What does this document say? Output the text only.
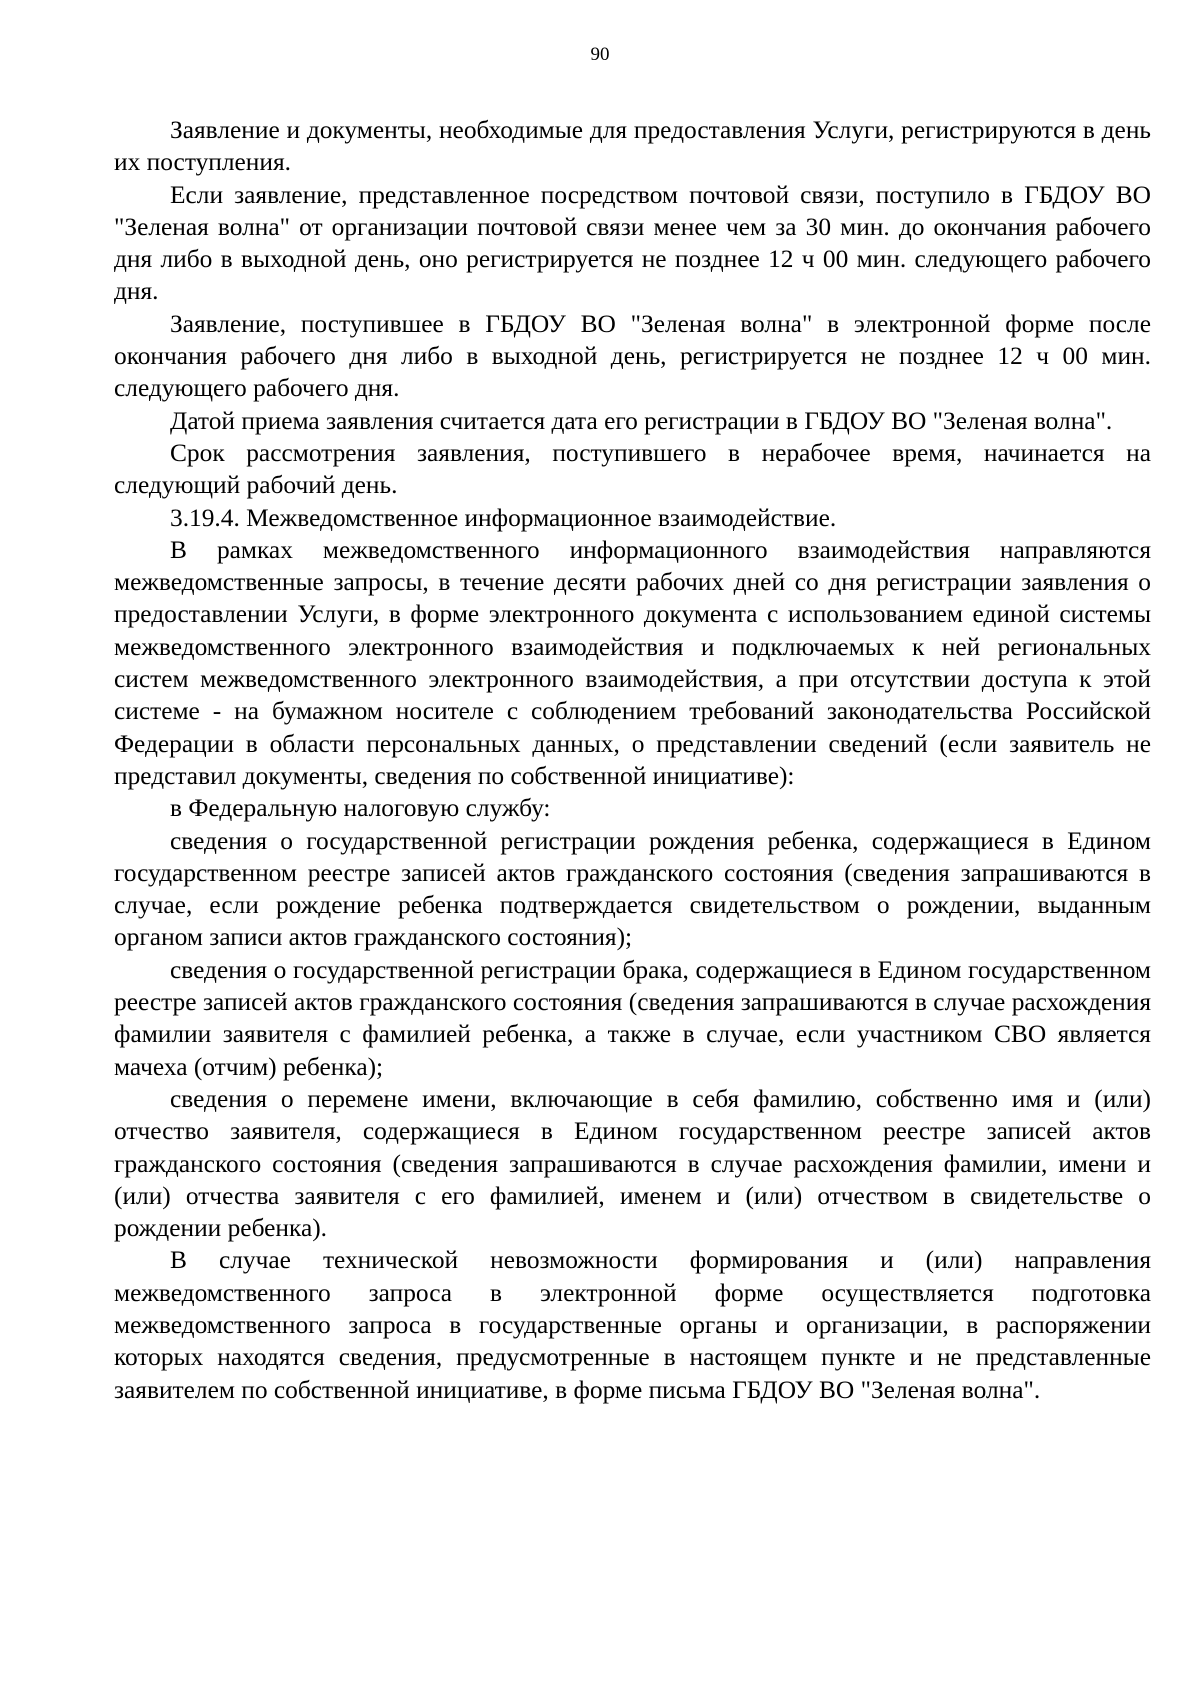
90

Заявление и документы, необходимые для предоставления Услуги, регистрируются в день их поступления.

Если заявление, представленное посредством почтовой связи, поступило в ГБДОУ ВО "Зеленая волна" от организации почтовой связи менее чем за 30 мин. до окончания рабочего дня либо в выходной день, оно регистрируется не позднее 12 ч 00 мин. следующего рабочего дня.

Заявление, поступившее в ГБДОУ ВО "Зеленая волна" в электронной форме после окончания рабочего дня либо в выходной день, регистрируется не позднее 12 ч 00 мин. следующего рабочего дня.

Датой приема заявления считается дата его регистрации в ГБДОУ ВО "Зеленая волна".

Срок рассмотрения заявления, поступившего в нерабочее время, начинается на следующий рабочий день.

3.19.4. Межведомственное информационное взаимодействие.

В рамках межведомственного информационного взаимодействия направляются межведомственные запросы, в течение десяти рабочих дней со дня регистрации заявления о предоставлении Услуги, в форме электронного документа с использованием единой системы межведомственного электронного взаимодействия и подключаемых к ней региональных систем межведомственного электронного взаимодействия, а при отсутствии доступа к этой системе - на бумажном носителе с соблюдением требований законодательства Российской Федерации в области персональных данных, о представлении сведений (если заявитель не представил документы, сведения по собственной инициативе):

в Федеральную налоговую службу:

сведения о государственной регистрации рождения ребенка, содержащиеся в Едином государственном реестре записей актов гражданского состояния (сведения запрашиваются в случае, если рождение ребенка подтверждается свидетельством о рождении, выданным органом записи актов гражданского состояния);

сведения о государственной регистрации брака, содержащиеся в Едином государственном реестре записей актов гражданского состояния (сведения запрашиваются в случае расхождения фамилии заявителя с фамилией ребенка, а также в случае, если участником СВО является мачеха (отчим) ребенка);

сведения о перемене имени, включающие в себя фамилию, собственно имя и (или) отчество заявителя, содержащиеся в Едином государственном реестре записей актов гражданского состояния (сведения запрашиваются в случае расхождения фамилии, имени и (или) отчества заявителя с его фамилией, именем и (или) отчеством в свидетельстве о рождении ребенка).

В случае технической невозможности формирования и (или) направления межведомственного запроса в электронной форме осуществляется подготовка межведомственного запроса в государственные органы и организации, в распоряжении которых находятся сведения, предусмотренные в настоящем пункте и не представленные заявителем по собственной инициативе, в форме письма ГБДОУ ВО "Зеленая волна".
